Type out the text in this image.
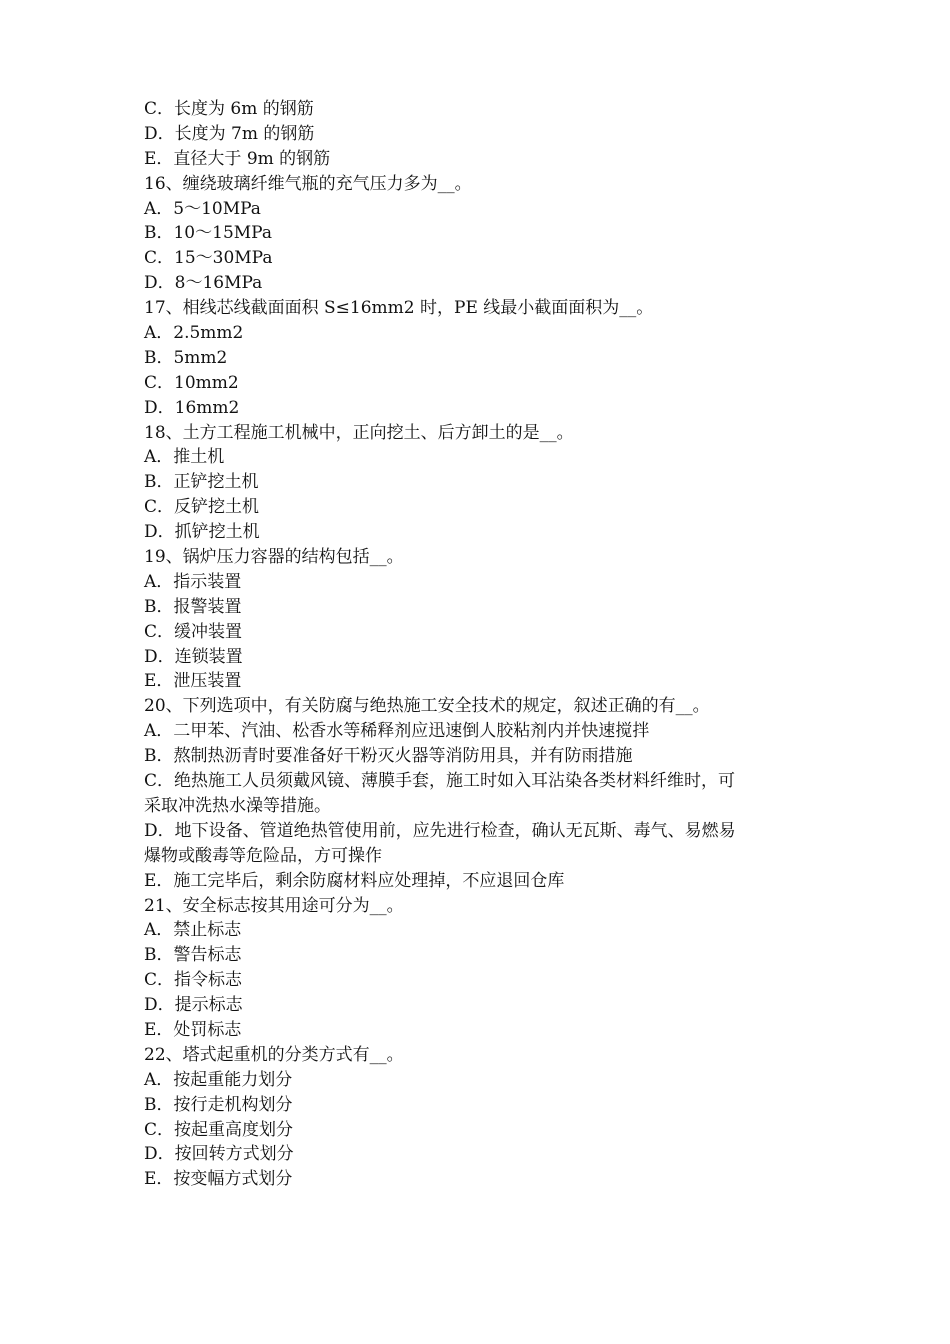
C．长度为 6m 的钢筋

D．长度为 7m 的钢筋

E．直径大于 9m 的钢筋

16、缠绕玻璃纤维气瓶的充气压力多为__。

A．5～10MPa

B．10～15MPa

C．15～30MPa

D．8～16MPa

17、相线芯线截面面积 S≤16mm2 时，PE 线最小截面面积为__。

A．2.5mm2

B．5mm2

C．10mm2

D．16mm2

18、土方工程施工机械中，正向挖土、后方卸土的是__。

A．推土机

B．正铲挖土机

C．反铲挖土机

D．抓铲挖土机

19、锅炉压力容器的结构包括__。

A．指示装置

B．报警装置

C．缓冲装置

D．连锁装置

E．泄压装置

20、下列选项中，有关防腐与绝热施工安全技术的规定，叙述正确的有__。

A．二甲苯、汽油、松香水等稀释剂应迅速倒人胶粘剂内并快速搅拌

B．熬制热沥青时要准备好干粉灭火器等消防用具，并有防雨措施

C．绝热施工人员须戴风镜、薄膜手套，施工时如入耳沾染各类材料纤维时，可

采取冲洗热水澡等措施。

D．地下设备、管道绝热管使用前，应先进行检查，确认无瓦斯、毒气、易燃易

爆物或酸毒等危险品，方可操作

E．施工完毕后，剩余防腐材料应处理掉，不应退回仓库

21、安全标志按其用途可分为__。

A．禁止标志

B．警告标志

C．指令标志

D．提示标志

E．处罚标志

22、塔式起重机的分类方式有__。

A．按起重能力划分

B．按行走机构划分

C．按起重高度划分

D．按回转方式划分

E．按变幅方式划分
